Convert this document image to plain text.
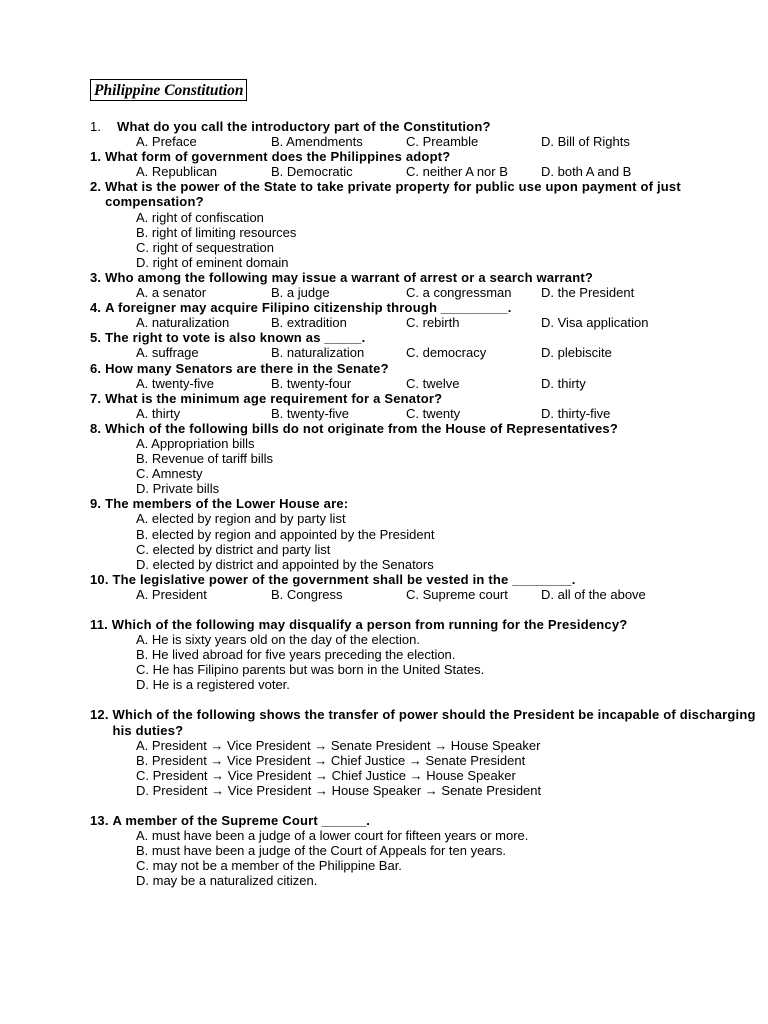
Philippine Constitution
1.	What do you call the introductory part of the Constitution?
A. Preface	B. Amendments	C. Preamble	D. Bill of Rights
1. What form of government does the Philippines adopt?
A. Republican	B. Democratic	C. neither A nor B	D. both A and B
2. What is the power of the State to take private property for public use upon payment of just compensation?
A. right of confiscation
B. right of limiting resources
C. right of sequestration
D. right of eminent domain
3. Who among the following may issue a warrant of arrest or a search warrant?
A. a senator	B. a judge	C. a congressman	D. the President
4. A foreigner may acquire Filipino citizenship through _________.
A. naturalization	B. extradition	C. rebirth	D. Visa application
5. The right to vote is also known as _____.
A. suffrage	B. naturalization	C. democracy	D. plebiscite
6. How many Senators are there in the Senate?
A. twenty-five	B. twenty-four	C. twelve	D. thirty
7. What is the minimum age requirement for a Senator?
A. thirty	B. twenty-five	C. twenty	D. thirty-five
8. Which of the following bills do not originate from the House of Representatives?
A. Appropriation bills
B. Revenue of tariff bills
C. Amnesty
D. Private bills
9. The members of the Lower House are:
A. elected by region and by party list
B. elected by region and appointed by the President
C. elected by district and party list
D. elected by district and appointed by the Senators
10. The legislative power of the government shall be vested in the ________.
A. President	B. Congress	C. Supreme court	D. all of the above
11. Which of the following may disqualify a person from running for the Presidency?
A. He is sixty years old on the day of the election.
B. He lived abroad for five years preceding the election.
C. He has Filipino parents but was born in the United States.
D. He is a registered voter.
12. Which of the following shows the transfer of power should the President be incapable of discharging his duties?
A. President → Vice President → Senate President → House Speaker
B. President → Vice President → Chief Justice → Senate President
C. President → Vice President → Chief Justice → House Speaker
D. President → Vice President → House Speaker → Senate President
13. A member of the Supreme Court ______.
A. must have been a judge of a lower court for fifteen years or more.
B. must have been a judge of the Court of Appeals for ten years.
C. may not be a member of the Philippine Bar.
D. may be a naturalized citizen.
